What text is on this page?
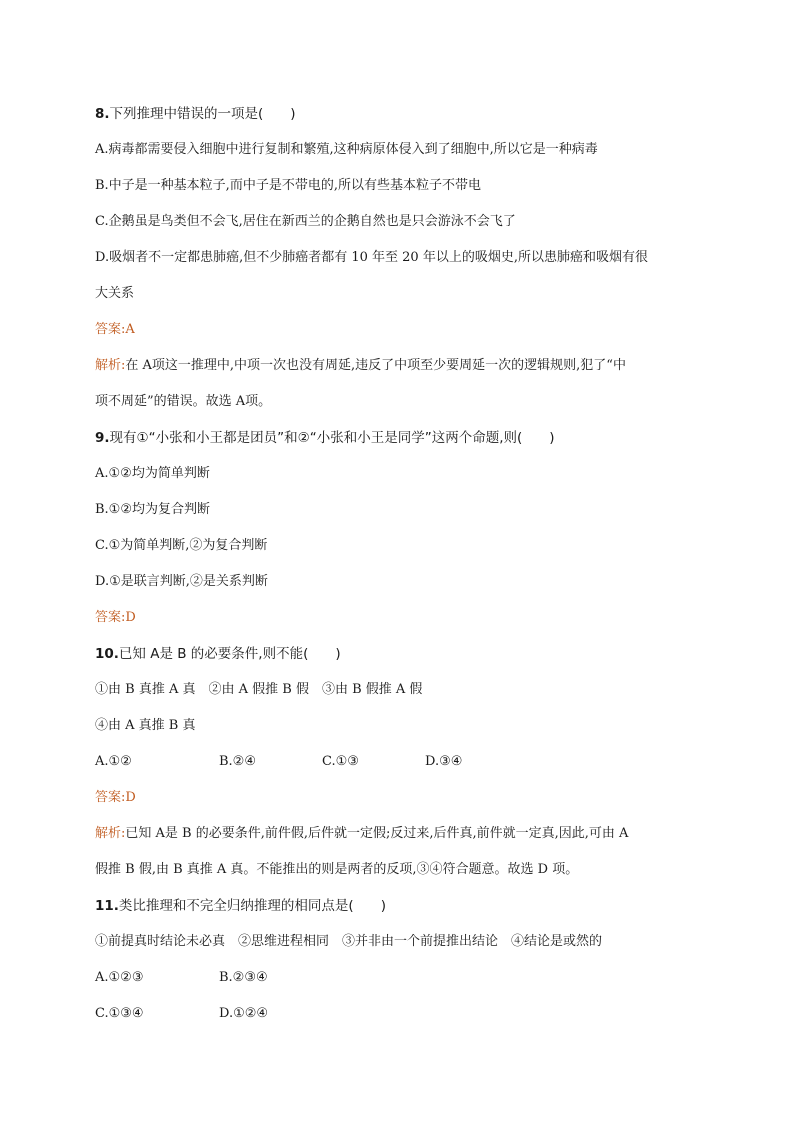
8.下列推理中错误的一项是(　　)
A.病毒都需要侵入细胞中进行复制和繁殖,这种病原体侵入到了细胞中,所以它是一种病毒
B.中子是一种基本粒子,而中子是不带电的,所以有些基本粒子不带电
C.企鹅虽是鸟类但不会飞,居住在新西兰的企鹅自然也是只会游泳不会飞了
D.吸烟者不一定都患肺癌,但不少肺癌者都有 10 年至 20 年以上的吸烟史,所以患肺癌和吸烟有很
大关系
答案:A
解析:在 A项这一推理中,中项一次也没有周延,违反了中项至少要周延一次的逻辑规则,犯了“中
项不周延”的错误。故选 A项。
9.现有①“小张和小王都是团员”和②“小张和小王是同学”这两个命题,则(　　)
A.①②均为简单判断
B.①②均为复合判断
C.①为简单判断,②为复合判断
D.①是联言判断,②是关系判断
答案:D
10.已知 A是 B 的必要条件,则不能(　　)
①由 B 真推 A 真　②由 A 假推 B 假　③由 B 假推 A 假
④由 A 真推 B 真
A.①②	B.②④	C.①③	D.③④
答案:D
解析:已知 A是 B 的必要条件,前件假,后件就一定假;反过来,后件真,前件就一定真,因此,可由 A
假推 B 假,由 B 真推 A 真。不能推出的则是两者的反项,③④符合题意。故选 D 项。
11.类比推理和不完全归纳推理的相同点是(　　)
①前提真时结论未必真　②思维进程相同　③并非由一个前提推出结论　④结论是或然的
A.①②③	B.②③④
C.①③④	D.①②④
